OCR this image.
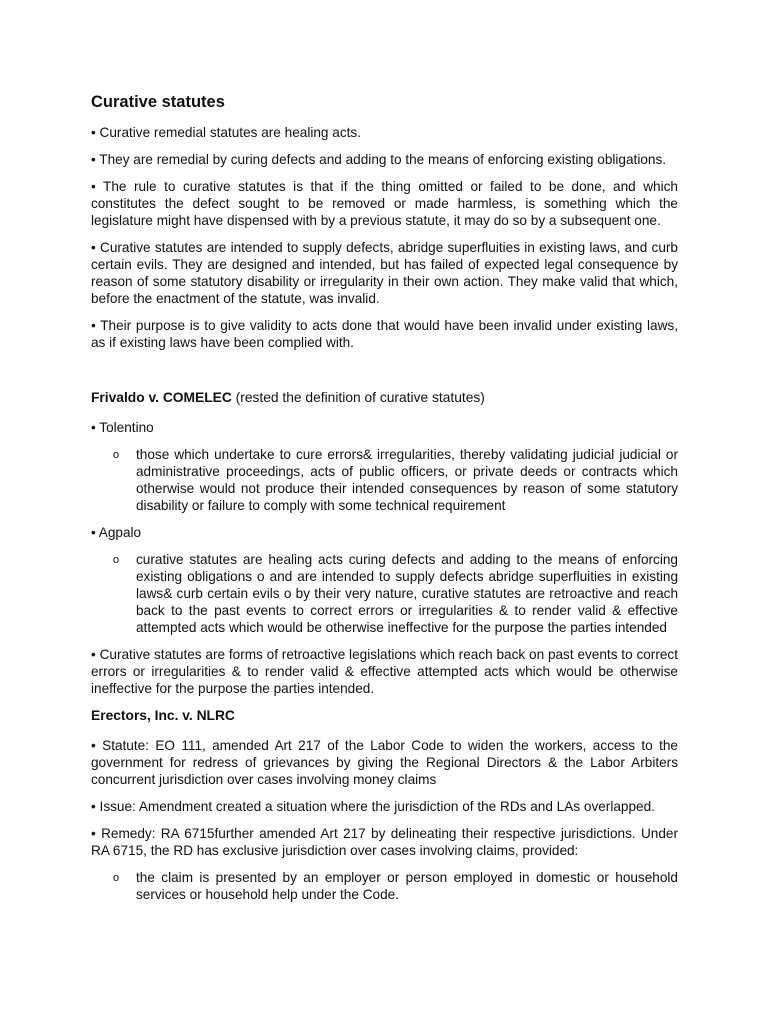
Curative statutes

• Curative remedial statutes are healing acts.

• They are remedial by curing defects and adding to the means of enforcing existing obligations.

• The rule to curative statutes is that if the thing omitted or failed to be done, and which constitutes the defect sought to be removed or made harmless, is something which the legislature might have dispensed with by a previous statute, it may do so by a subsequent one.

• Curative statutes are intended to supply defects, abridge superfluities in existing laws, and curb certain evils. They are designed and intended, but has failed of expected legal consequence by reason of some statutory disability or irregularity in their own action. They make valid that which, before the enactment of the statute, was invalid.

• Their purpose is to give validity to acts done that would have been invalid under existing laws, as if existing laws have been complied with.

Frivaldo v. COMELEC (rested the definition of curative statutes)

• Tolentino

o those which undertake to cure errors& irregularities, thereby validating judicial judicial or administrative proceedings, acts of public officers, or private deeds or contracts which otherwise would not produce their intended consequences by reason of some statutory disability or failure to comply with some technical requirement

• Agpalo

o curative statutes are healing acts curing defects and adding to the means of enforcing existing obligations o and are intended to supply defects abridge superfluities in existing laws& curb certain evils o by their very nature, curative statutes are retroactive and reach back to the past events to correct errors or irregularities & to render valid & effective attempted acts which would be otherwise ineffective for the purpose the parties intended

• Curative statutes are forms of retroactive legislations which reach back on past events to correct errors or irregularities & to render valid & effective attempted acts which would be otherwise ineffective for the purpose the parties intended.

Erectors, Inc. v. NLRC

• Statute: EO 111, amended Art 217 of the Labor Code to widen the workers, access to the government for redress of grievances by giving the Regional Directors & the Labor Arbiters concurrent jurisdiction over cases involving money claims

• Issue: Amendment created a situation where the jurisdiction of the RDs and LAs overlapped.

• Remedy: RA 6715further amended Art 217 by delineating their respective jurisdictions. Under RA 6715, the RD has exclusive jurisdiction over cases involving claims, provided:

o the claim is presented by an employer or person employed in domestic or household services or household help under the Code.
